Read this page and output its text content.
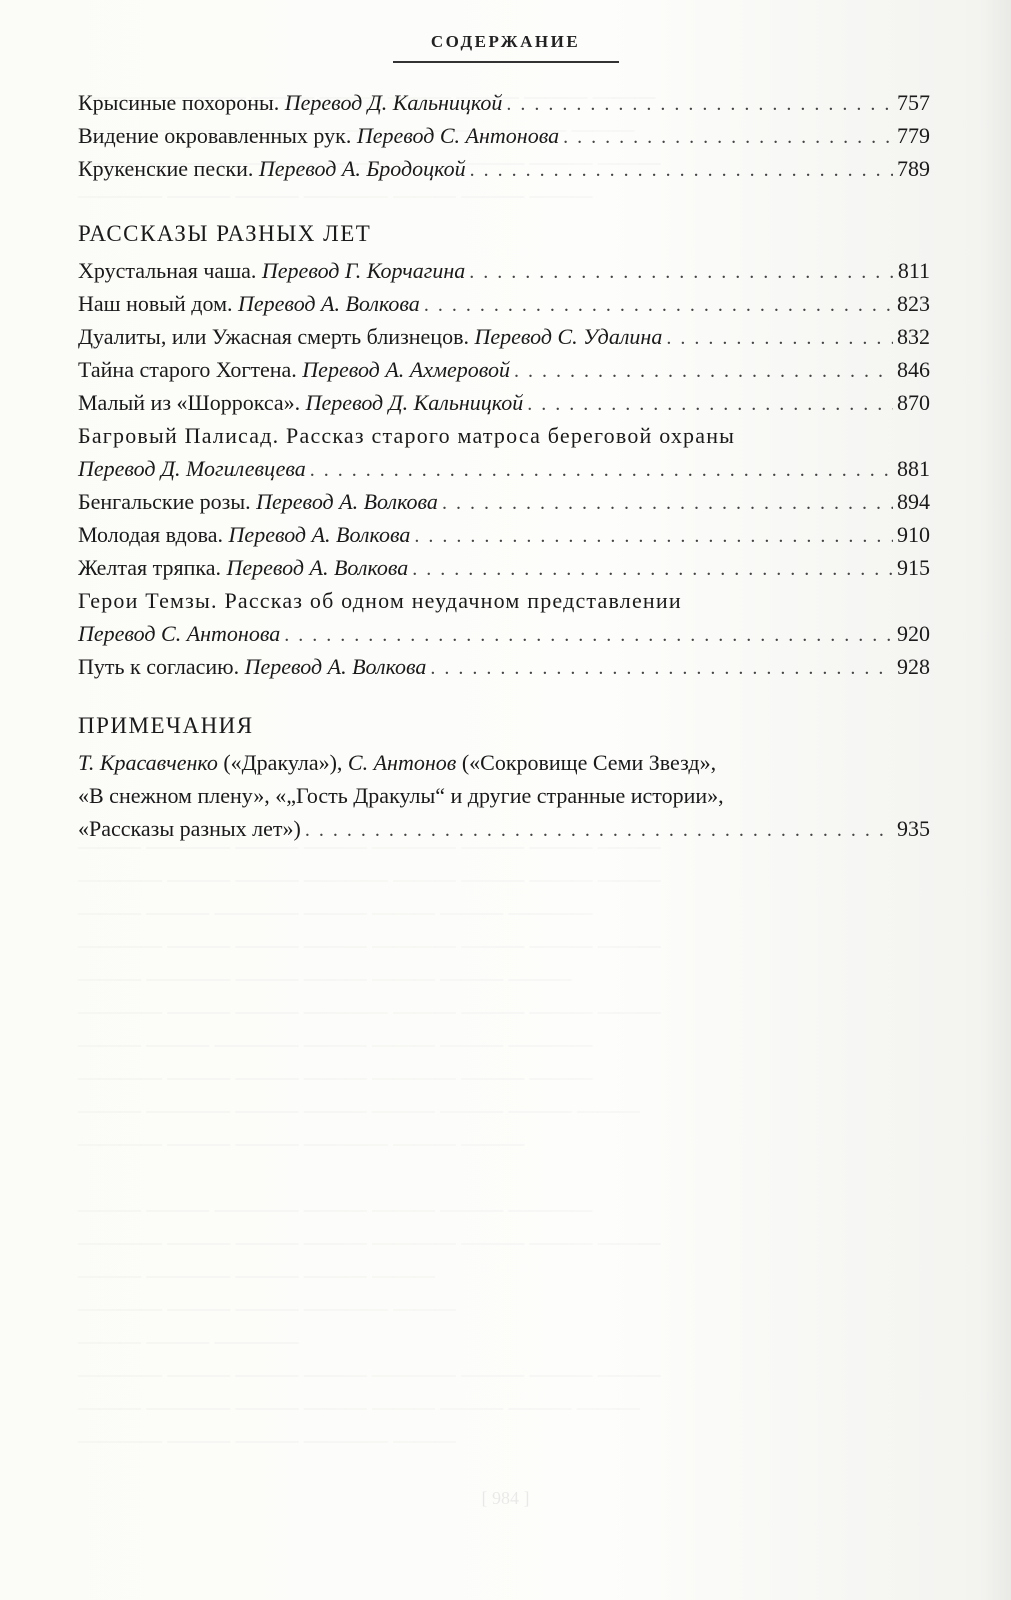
СОДЕРЖАНИЕ
Крысиные похороны. Перевод Д. Кальницкой . . .	757
Видение окровавленных рук. Перевод С. Антонова . . .	779
Крукенские пески. Перевод А. Бродоцкой . . .	789
РАССКАЗЫ РАЗНЫХ ЛЕТ
Хрустальная чаша. Перевод Г. Корчагина . . .	811
Наш новый дом. Перевод А. Волкова . . .	823
Дуалиты, или Ужасная смерть близнецов. Перевод С. Удалина . . .	832
Тайна старого Хогтена. Перевод А. Ахмеровой . . .	846
Малый из «Шоррокса». Перевод Д. Кальницкой . . .	870
Багровый Палисад. Рассказ старого матроса береговой охраны
Перевод Д. Могилевцева . . .	881
Бенгальские розы. Перевод А. Волкова . . .	894
Молодая вдова. Перевод А. Волкова . . .	910
Желтая тряпка. Перевод А. Волкова . . .	915
Герои Темзы. Рассказ об одном неудачном представлении
Перевод С. Антонова . . .	920
Путь к согласию. Перевод А. Волкова . . .	928
ПРИМЕЧАНИЯ
Т. Красавченко («Дракула»), С. Антонов («Сокровище Семи Звезд»,
«В снежном плену», «„Гость Дракулы“ и другие странные истории»,
«Рассказы разных лет») . . .	935
[ 984 ]
